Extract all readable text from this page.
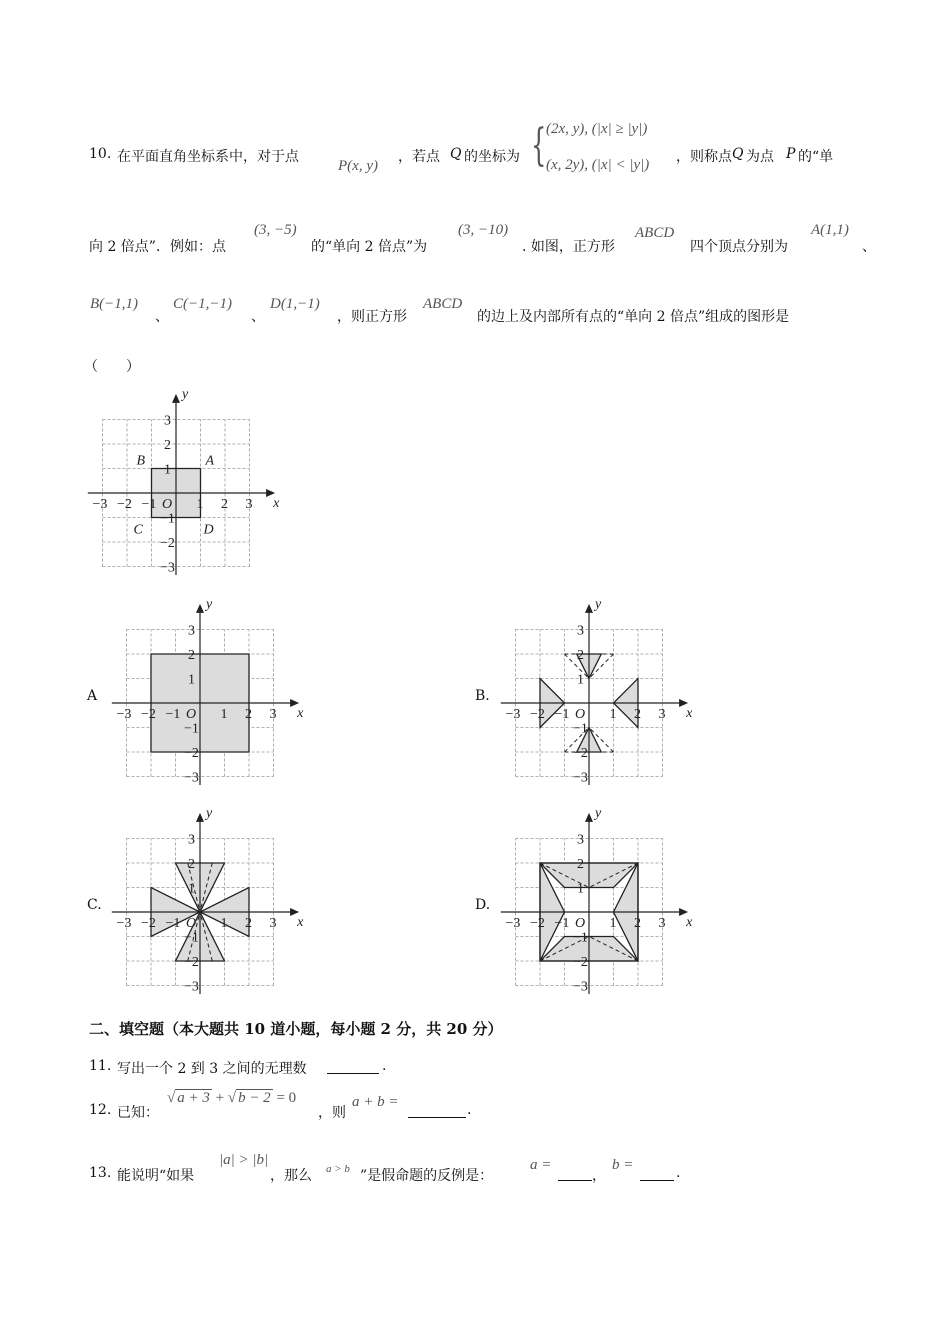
10. 在平面直角坐标系中，对于点
P(x, y)
，若点 Q 的坐标为 { (2x, y), (|x| ≥ |y|)
(x, 2y), (|x| < |y|) ，则称点 Q 为点 P 的“单
向 2 倍点”．例如：点
(3, −5)
的“单向 2 倍点”为
(3, −10)
. 如图，正方形
ABCD
四个顶点分别为
A(1,1)
、
B(−1,1)
、
C(−1,−1)
、
D(1,−1)
，则正方形
ABCD
的边上及内部所有点的“单向 2 倍点”组成的图形是
（　　）
x
y
O
−3 −2 −1	1 2 3
3
2
1
−1
−2
−3
A
B
C	D
x
y
O
−3 −2 −1	1 2 3
3
2
1
−1
−2
−3
x
y
O
−3 −2 −1	1 2 3
3
2
1
−1
−2
−3
x
y
O
−3 −2 −1	1 2 3
3
2
1
−1
−2
−3
x
y
O
−3 −2 −1	1 2 3
3
2
1
−1
−2
−3
A	B.
C.	D.
二、填空题（本大题共 10 道小题，每小题 2 分，共 20 分）
11. 写出一个 2 到 3 之间的无理数	.
12. 已知：
√ a + 3 + √ b − 2 = 0
，则
a + b =	.
13. 能说明“如果
|a| > |b|
，那么 a > b ”是假命题的反例是：
a =
，
b =	.
